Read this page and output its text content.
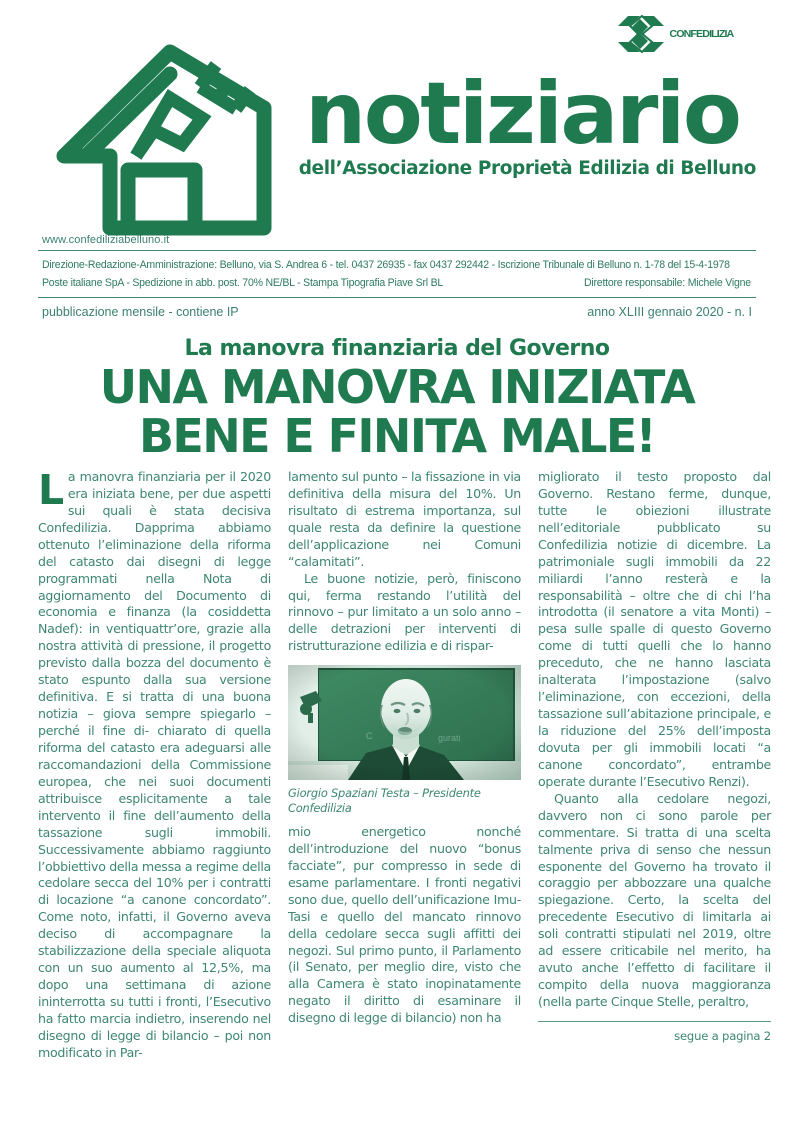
CONFEDILIZIA
notiziario
dell’Associazione Proprietà Edilizia di Belluno
www.confediliziabelluno.it
Direzione-Redazione-Amministrazione: Belluno, via S. Andrea 6 - tel. 0437 26935 - fax 0437 292442 - Iscrizione Tribunale di Belluno n. 1-78 del 15-4-1978
Poste italiane SpA - Spedizione in abb. post. 70% NE/BL - Stampa Tipografia Piave Srl BL	Direttore responsabile: Michele Vigne
pubblicazione mensile - contiene IP	anno XLIII gennaio 2020 - n. I
La manovra finanziaria del Governo
UNA MANOVRA INIZIATA
BENE E FINITA MALE!

La manovra finanziaria per il 2020 era iniziata bene, per due aspetti sui quali è stata decisiva Confedilizia. Dapprima abbiamo ottenuto l’eliminazione della riforma del catasto dai disegni di legge programmati nella Nota di aggiornamento del Documento di economia e finanza (la cosiddetta Nadef): in ventiquattr’ore, grazie alla nostra attività di pressione, il progetto previsto dalla bozza del documento è stato espunto dalla sua versione definitiva. E si tratta di una buona notizia – giova sempre spiegarlo – perché il fine di- chiarato di quella riforma del catasto era adeguarsi alle raccomandazioni della Commissione europea, che nei suoi documenti attribuisce esplicitamente a tale intervento il fine dell’aumento della tassazione sugli immobili. Successivamente abbiamo raggiunto l’obbiettivo della messa a regime della cedolare secca del 10% per i contratti di locazione “a canone concordato”. Come noto, infatti, il Governo aveva deciso di accompagnare la stabilizzazione della speciale aliquota con un suo aumento al 12,5%, ma dopo una settimana di azione ininterrotta su tutti i fronti, l’Esecutivo ha fatto marcia indietro, inserendo nel disegno di legge di bilancio – poi non modificato in Par-

lamento sul punto – la fissazione in via definitiva della misura del 10%. Un risultato di estrema importanza, sul quale resta da definire la questione dell’applicazione nei Comuni “calamitati”.

Le buone notizie, però, finiscono qui, ferma restando l’utilità del rinnovo – pur limitato a un solo anno – delle detrazioni per interventi di ristrutturazione edilizia e di rispar-

Giorgio Spaziani Testa – Presidente Confedilizia

mio energetico nonché dell’introduzione del nuovo “bonus facciate”, pur compresso in sede di esame parlamentare. I fronti negativi sono due, quello dell’unificazione Imu-Tasi e quello del mancato rinnovo della cedolare secca sugli affitti dei negozi. Sul primo punto, il Parlamento (il Senato, per meglio dire, visto che alla Camera è stato inopinatamente negato il diritto di esaminare il disegno di legge di bilancio) non ha

migliorato il testo proposto dal Governo. Restano ferme, dunque, tutte le obiezioni illustrate nell’editoriale pubblicato su Confedilizia notizie di dicembre. La patrimoniale sugli immobili da 22 miliardi l’anno resterà e la responsabilità – oltre che di chi l’ha introdotta (il senatore a vita Monti) – pesa sulle spalle di questo Governo come di tutti quelli che lo hanno preceduto, che ne hanno lasciata inalterata l’impostazione (salvo l’eliminazione, con eccezioni, della tassazione sull’abitazione principale, e la riduzione del 25% dell’imposta dovuta per gli immobili locati “a canone concordato”, entrambe operate durante l’Esecutivo Renzi).

Quanto alla cedolare negozi, davvero non ci sono parole per commentare. Si tratta di una scelta talmente priva di senso che nessun esponente del Governo ha trovato il coraggio per abbozzare una qualche spiegazione. Certo, la scelta del precedente Esecutivo di limitarla ai soli contratti stipulati nel 2019, oltre ad essere criticabile nel merito, ha avuto anche l’effetto di facilitare il compito della nuova maggioranza (nella parte Cinque Stelle, peraltro,

segue a pagina 2
